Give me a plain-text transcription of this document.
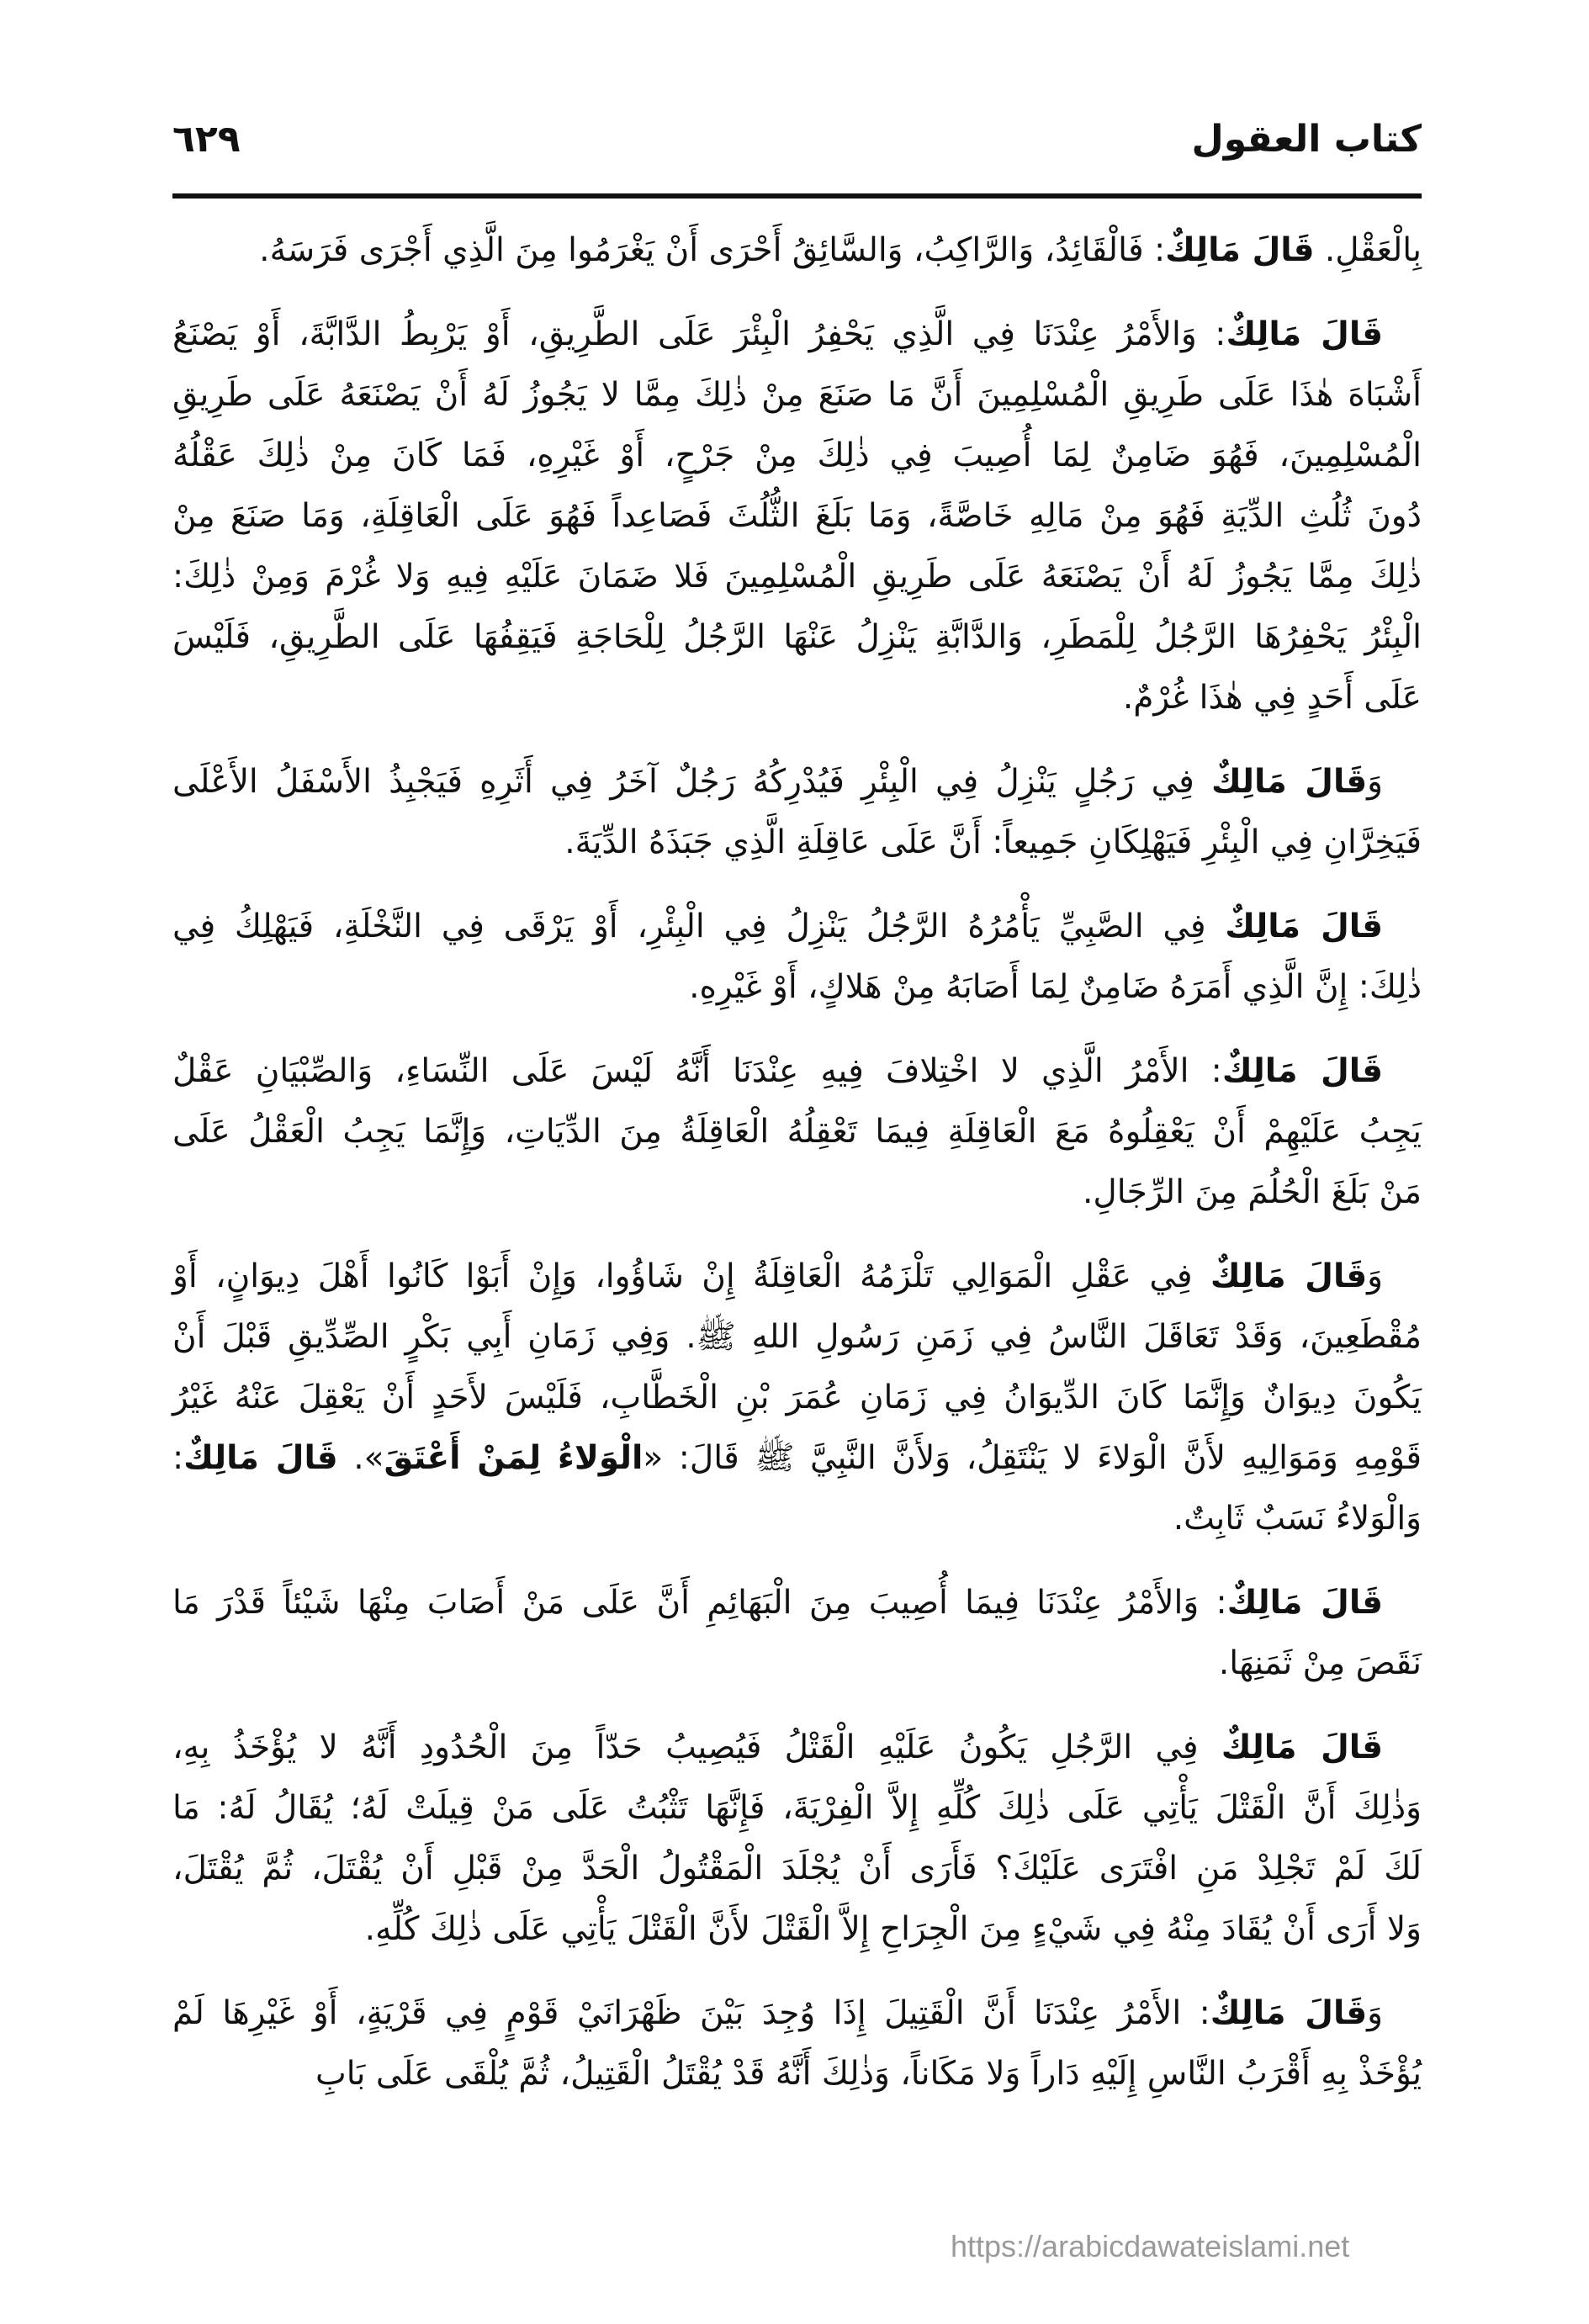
كتاب العقول
٦٢٩
بِالْعَقْلِ. قَالَ مَالِكٌ: فَالْقَائِدُ، وَالرَّاكِبُ، وَالسَّائِقُ أَحْرَى أَنْ يَغْرَمُوا مِنَ الَّذِي أَجْرَى فَرَسَهُ.
قَالَ مَالِكٌ: وَالأَمْرُ عِنْدَنَا فِي الَّذِي يَحْفِرُ الْبِئْرَ عَلَى الطَّرِيقِ، أَوْ يَرْبِطُ الدَّابَّةَ، أَوْ يَصْنَعُ
أَشْبَاهَ هٰذَا عَلَى طَرِيقِ الْمُسْلِمِينَ أَنَّ مَا صَنَعَ مِنْ ذٰلِكَ مِمَّا لا يَجُوزُ لَهُ أَنْ يَصْنَعَهُ عَلَى طَرِيقِ
الْمُسْلِمِينَ، فَهُوَ ضَامِنٌ لِمَا أُصِيبَ فِي ذٰلِكَ مِنْ جَرْحٍ، أَوْ غَيْرِهِ، فَمَا كَانَ مِنْ ذٰلِكَ عَقْلُهُ
دُونَ ثُلُثِ الدِّيَةِ فَهُوَ مِنْ مَالِهِ خَاصَّةً، وَمَا بَلَغَ الثُّلُثَ فَصَاعِداً فَهُوَ عَلَى الْعَاقِلَةِ، وَمَا صَنَعَ مِنْ
ذٰلِكَ مِمَّا يَجُوزُ لَهُ أَنْ يَصْنَعَهُ عَلَى طَرِيقِ الْمُسْلِمِينَ فَلا ضَمَانَ عَلَيْهِ فِيهِ وَلا غُرْمَ وَمِنْ ذٰلِكَ:
الْبِئْرُ يَحْفِرُهَا الرَّجُلُ لِلْمَطَرِ، وَالدَّابَّةِ يَنْزِلُ عَنْهَا الرَّجُلُ لِلْحَاجَةِ فَيَقِفُهَا عَلَى الطَّرِيقِ، فَلَيْسَ
عَلَى أَحَدٍ فِي هٰذَا غُرْمٌ.
وَقَالَ مَالِكٌ فِي رَجُلٍ يَنْزِلُ فِي الْبِئْرِ فَيُدْرِكُهُ رَجُلٌ آخَرُ فِي أَثَرِهِ فَيَجْبِذُ الأَسْفَلُ الأَعْلَى
فَيَخِرَّانِ فِي الْبِئْرِ فَيَهْلِكَانِ جَمِيعاً: أَنَّ عَلَى عَاقِلَةِ الَّذِي جَبَذَهُ الدِّيَةَ.
قَالَ مَالِكٌ فِي الصَّبِيِّ يَأْمُرُهُ الرَّجُلُ يَنْزِلُ فِي الْبِئْرِ، أَوْ يَرْقَى فِي النَّخْلَةِ، فَيَهْلِكُ فِي
ذٰلِكَ: إِنَّ الَّذِي أَمَرَهُ ضَامِنٌ لِمَا أَصَابَهُ مِنْ هَلاكٍ، أَوْ غَيْرِهِ.
قَالَ مَالِكٌ: الأَمْرُ الَّذِي لا اخْتِلافَ فِيهِ عِنْدَنَا أَنَّهُ لَيْسَ عَلَى النِّسَاءِ، وَالصِّبْيَانِ عَقْلٌ
يَجِبُ عَلَيْهِمْ أَنْ يَعْقِلُوهُ مَعَ الْعَاقِلَةِ فِيمَا تَعْقِلُهُ الْعَاقِلَةُ مِنَ الدِّيَاتِ، وَإِنَّمَا يَجِبُ الْعَقْلُ عَلَى
مَنْ بَلَغَ الْحُلُمَ مِنَ الرِّجَالِ.
وَقَالَ مَالِكٌ فِي عَقْلِ الْمَوَالِي تَلْزَمُهُ الْعَاقِلَةُ إِنْ شَاؤُوا، وَإِنْ أَبَوْا كَانُوا أَهْلَ دِيوَانٍ، أَوْ
مُقْطَعِينَ، وَقَدْ تَعَاقَلَ النَّاسُ فِي زَمَنِ رَسُولِ اللهِ ﷺ. وَفِي زَمَانِ أَبِي بَكْرٍ الصِّدِّيقِ قَبْلَ أَنْ
يَكُونَ دِيوَانٌ وَإِنَّمَا كَانَ الدِّيوَانُ فِي زَمَانِ عُمَرَ بْنِ الْخَطَّابِ، فَلَيْسَ لأَحَدٍ أَنْ يَعْقِلَ عَنْهُ غَيْرُ
قَوْمِهِ وَمَوَالِيهِ لأَنَّ الْوَلاءَ لا يَنْتَقِلُ، وَلأَنَّ النَّبِيَّ ﷺ قَالَ: «الْوَلاءُ لِمَنْ أَعْتَقَ». قَالَ مَالِكٌ:
وَالْوَلاءُ نَسَبٌ ثَابِتٌ.
قَالَ مَالِكٌ: وَالأَمْرُ عِنْدَنَا فِيمَا أُصِيبَ مِنَ الْبَهَائِمِ أَنَّ عَلَى مَنْ أَصَابَ مِنْهَا شَيْئاً قَدْرَ مَا
نَقَصَ مِنْ ثَمَنِهَا.
قَالَ مَالِكٌ فِي الرَّجُلِ يَكُونُ عَلَيْهِ الْقَتْلُ فَيُصِيبُ حَدّاً مِنَ الْحُدُودِ أَنَّهُ لا يُؤْخَذُ بِهِ،
وَذٰلِكَ أَنَّ الْقَتْلَ يَأْتِي عَلَى ذٰلِكَ كُلِّهِ إِلاَّ الْفِرْيَةَ، فَإِنَّهَا تَثْبُتُ عَلَى مَنْ قِيلَتْ لَهُ؛ يُقَالُ لَهُ: مَا
لَكَ لَمْ تَجْلِدْ مَنِ افْتَرَى عَلَيْكَ؟ فَأَرَى أَنْ يُجْلَدَ الْمَقْتُولُ الْحَدَّ مِنْ قَبْلِ أَنْ يُقْتَلَ، ثُمَّ يُقْتَلَ،
وَلا أَرَى أَنْ يُقَادَ مِنْهُ فِي شَيْءٍ مِنَ الْجِرَاحِ إِلاَّ الْقَتْلَ لأَنَّ الْقَتْلَ يَأْتِي عَلَى ذٰلِكَ كُلِّهِ.
وَقَالَ مَالِكٌ: الأَمْرُ عِنْدَنَا أَنَّ الْقَتِيلَ إِذَا وُجِدَ بَيْنَ ظَهْرَانَيْ قَوْمٍ فِي قَرْيَةٍ، أَوْ غَيْرِهَا لَمْ
يُؤْخَذْ بِهِ أَقْرَبُ النَّاسِ إِلَيْهِ دَاراً وَلا مَكَاناً، وَذٰلِكَ أَنَّهُ قَدْ يُقْتَلُ الْقَتِيلُ، ثُمَّ يُلْقَى عَلَى بَابِ
https://arabicdawateislami.net
